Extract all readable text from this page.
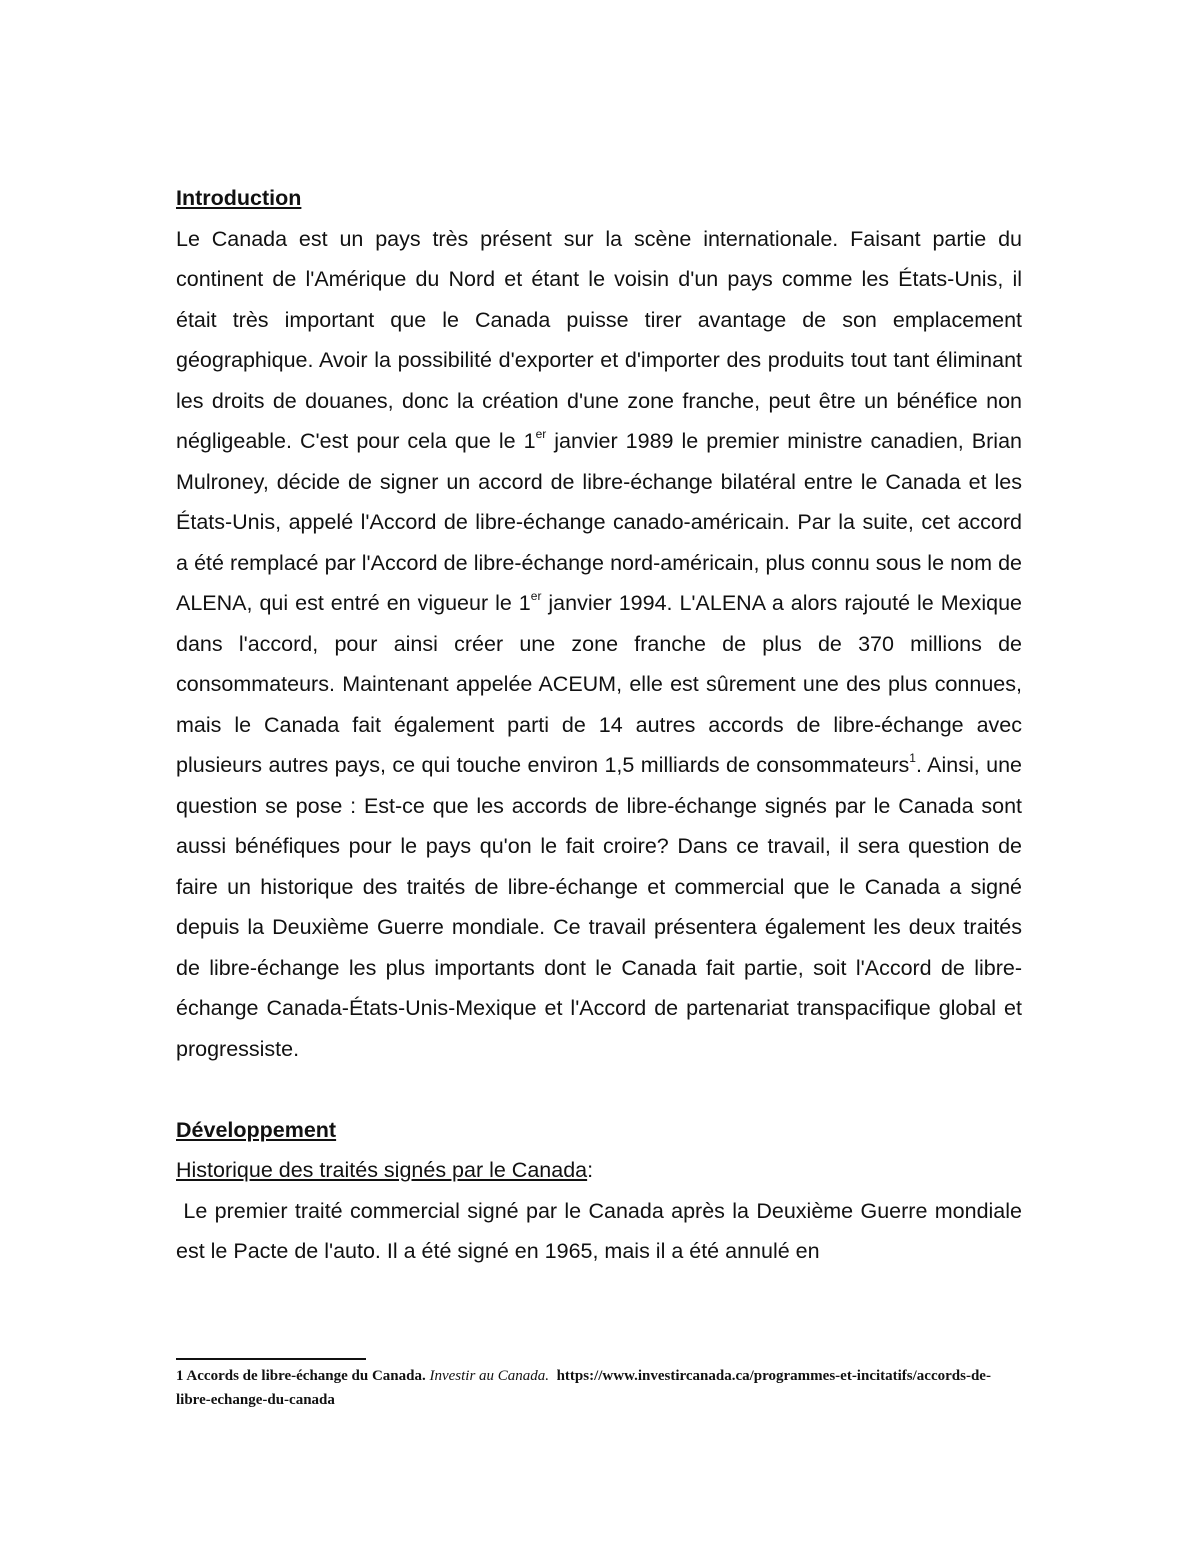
Introduction

Le Canada est un pays très présent sur la scène internationale. Faisant partie du continent de l'Amérique du Nord et étant le voisin d'un pays comme les États-Unis, il était très important que le Canada puisse tirer avantage de son emplacement géographique. Avoir la possibilité d'exporter et d'importer des produits tout tant éliminant les droits de douanes, donc la création d'une zone franche, peut être un bénéfice non négligeable. C'est pour cela que le 1er janvier 1989 le premier ministre canadien, Brian Mulroney, décide de signer un accord de libre-échange bilatéral entre le Canada et les États-Unis, appelé l'Accord de libre-échange canado-américain. Par la suite, cet accord a été remplacé par l'Accord de libre-échange nord-américain, plus connu sous le nom de ALENA, qui est entré en vigueur le 1er janvier 1994. L'ALENA a alors rajouté le Mexique dans l'accord, pour ainsi créer une zone franche de plus de 370 millions de consommateurs. Maintenant appelée ACEUM, elle est sûrement une des plus connues, mais le Canada fait également parti de 14 autres accords de libre-échange avec plusieurs autres pays, ce qui touche environ 1,5 milliards de consommateurs$^1$. Ainsi, une question se pose : Est-ce que les accords de libre-échange signés par le Canada sont aussi bénéfiques pour le pays qu'on le fait croire? Dans ce travail, il sera question de faire un historique des traités de libre-échange et commercial que le Canada a signé depuis la Deuxième Guerre mondiale. Ce travail présentera également les deux traités de libre-échange les plus importants dont le Canada fait partie, soit l'Accord de libre-échange Canada-États-Unis-Mexique et l'Accord de partenariat transpacifique global et progressiste.

Développement

Historique des traités signés par le Canada:

Le premier traité commercial signé par le Canada après la Deuxième Guerre mondiale est le Pacte de l'auto. Il a été signé en 1965, mais il a été annulé en

1 Accords de libre-échange du Canada. Investir au Canada.  https://www.investircanada.ca/programmes-et-incitatifs/accords-de-libre-echange-du-canada
